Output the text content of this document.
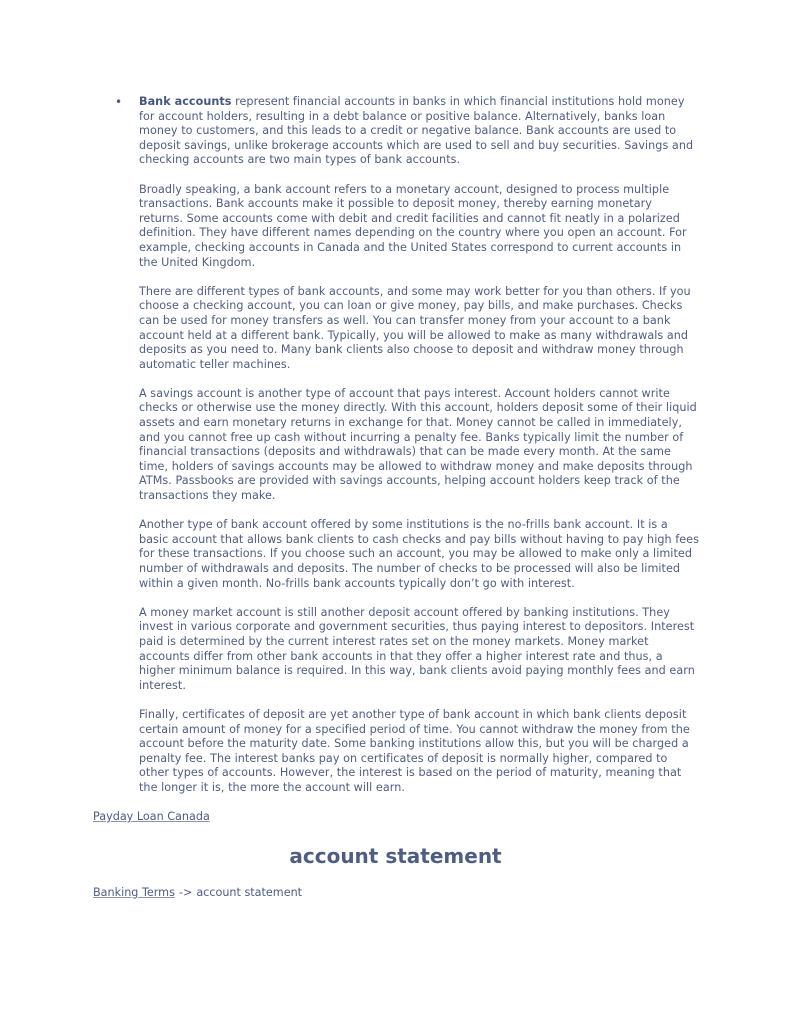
• Bank accounts represent financial accounts in banks in which financial institutions hold money for account holders, resulting in a debt balance or positive balance. Alternatively, banks loan money to customers, and this leads to a credit or negative balance. Bank accounts are used to deposit savings, unlike brokerage accounts which are used to sell and buy securities. Savings and checking accounts are two main types of bank accounts.

Broadly speaking, a bank account refers to a monetary account, designed to process multiple transactions. Bank accounts make it possible to deposit money, thereby earning monetary returns. Some accounts come with debit and credit facilities and cannot fit neatly in a polarized definition. They have different names depending on the country where you open an account. For example, checking accounts in Canada and the United States correspond to current accounts in the United Kingdom.

There are different types of bank accounts, and some may work better for you than others. If you choose a checking account, you can loan or give money, pay bills, and make purchases. Checks can be used for money transfers as well. You can transfer money from your account to a bank account held at a different bank. Typically, you will be allowed to make as many withdrawals and deposits as you need to. Many bank clients also choose to deposit and withdraw money through automatic teller machines.

A savings account is another type of account that pays interest. Account holders cannot write checks or otherwise use the money directly. With this account, holders deposit some of their liquid assets and earn monetary returns in exchange for that. Money cannot be called in immediately, and you cannot free up cash without incurring a penalty fee. Banks typically limit the number of financial transactions (deposits and withdrawals) that can be made every month. At the same time, holders of savings accounts may be allowed to withdraw money and make deposits through ATMs. Passbooks are provided with savings accounts, helping account holders keep track of the transactions they make.

Another type of bank account offered by some institutions is the no-frills bank account. It is a basic account that allows bank clients to cash checks and pay bills without having to pay high fees for these transactions. If you choose such an account, you may be allowed to make only a limited number of withdrawals and deposits. The number of checks to be processed will also be limited within a given month. No-frills bank accounts typically don’t go with interest.

A money market account is still another deposit account offered by banking institutions. They invest in various corporate and government securities, thus paying interest to depositors. Interest paid is determined by the current interest rates set on the money markets. Money market accounts differ from other bank accounts in that they offer a higher interest rate and thus, a higher minimum balance is required. In this way, bank clients avoid paying monthly fees and earn interest.

Finally, certificates of deposit are yet another type of bank account in which bank clients deposit certain amount of money for a specified period of time. You cannot withdraw the money from the account before the maturity date. Some banking institutions allow this, but you will be charged a penalty fee. The interest banks pay on certificates of deposit is normally higher, compared to other types of accounts. However, the interest is based on the period of maturity, meaning that the longer it is, the more the account will earn.

Payday Loan Canada
account statement
Banking Terms -> account statement
